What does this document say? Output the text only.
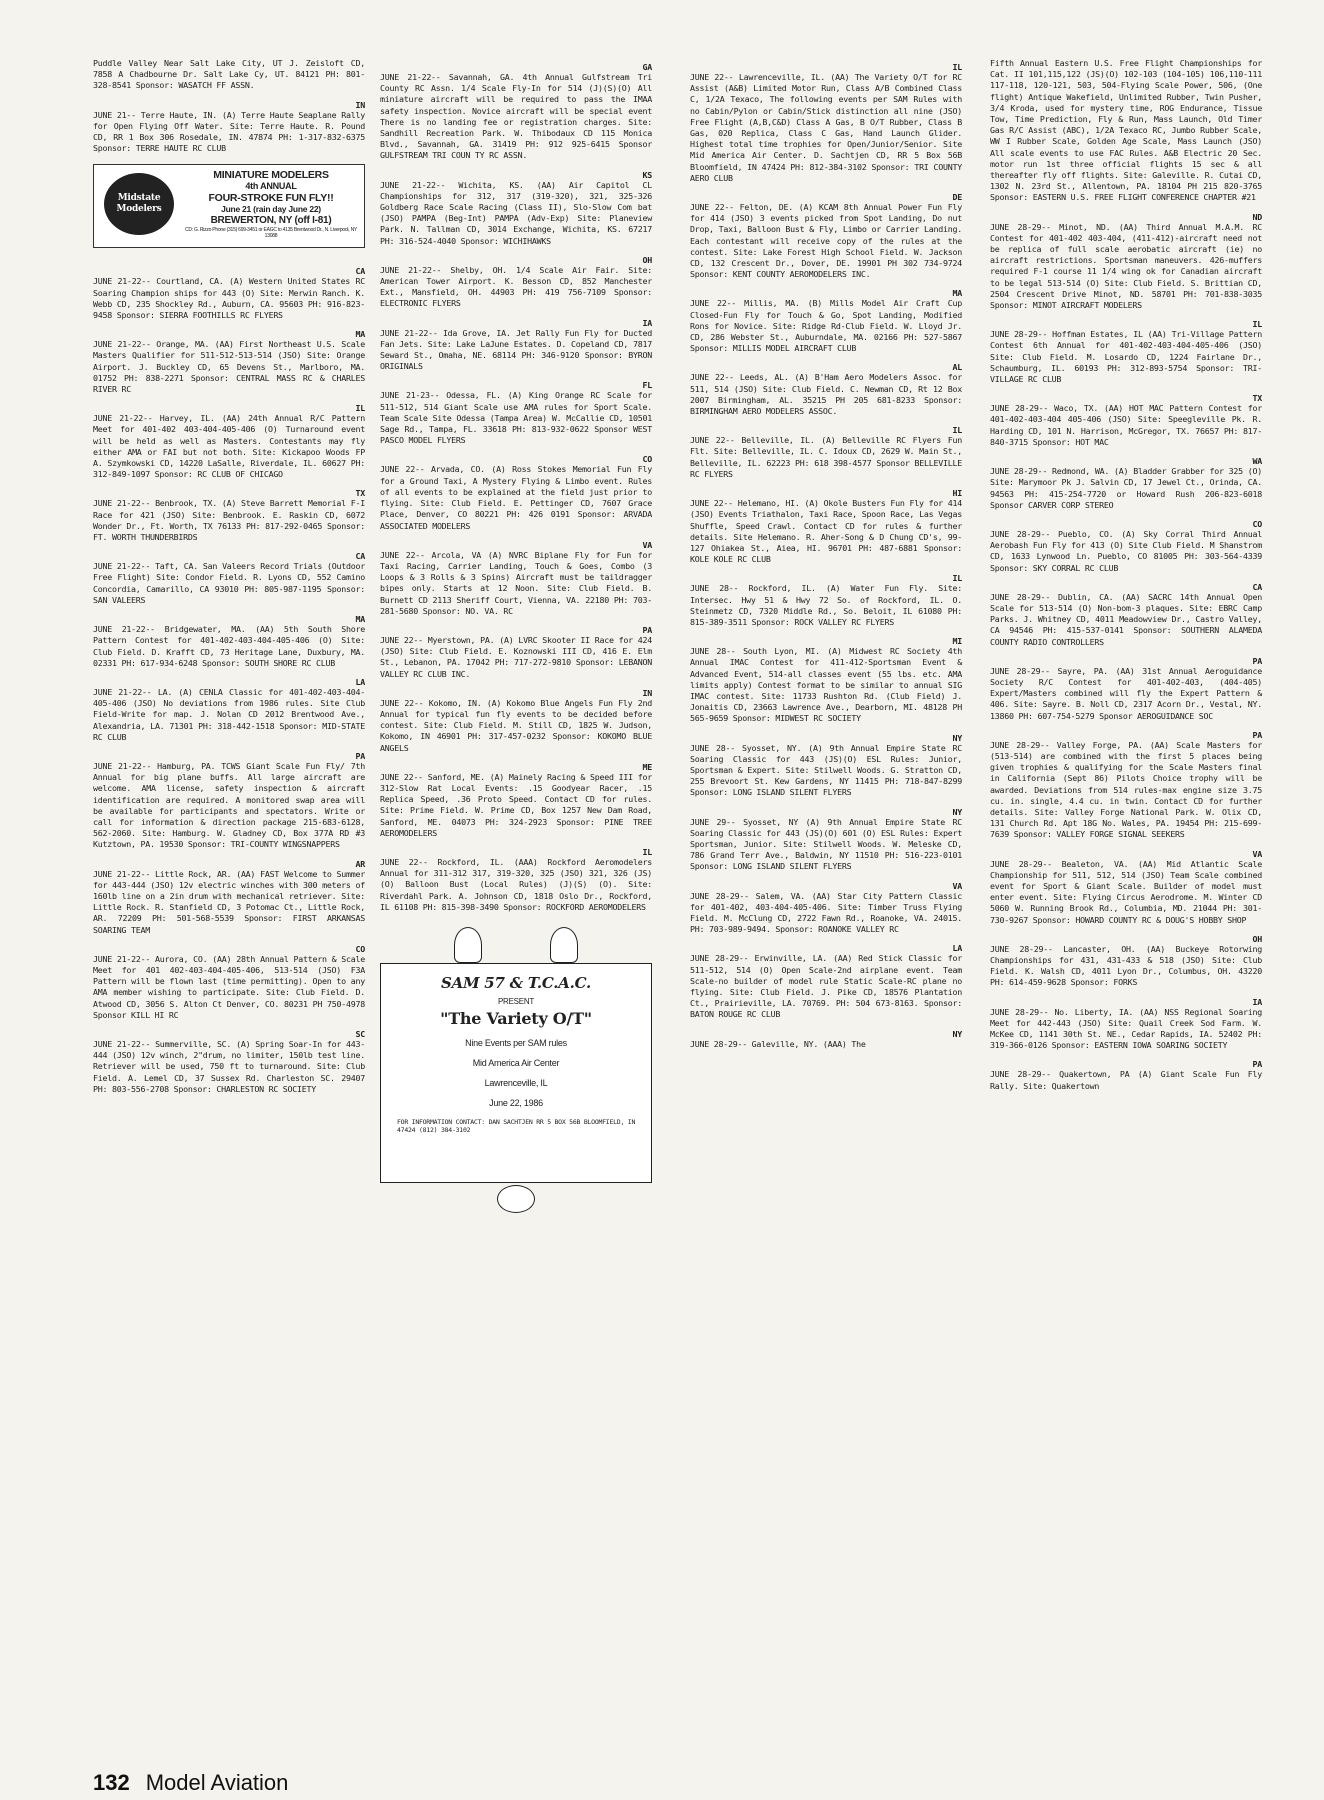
Puddle Valley Near Salt Lake City, UT J. Zeisloft CD, 7858 A Chadbourne Dr. Salt Lake Cy, UT. 84121 PH: 801-328-8541 Sponsor: WASATCH FF ASSN.
IN
JUNE 21-- Terre Haute, IN. (A) Terre Haute Seaplane Rally for Open Flying Off Water. Site: Terre Haute. R. Pound CD, RR 1 Box 306 Rosedale, IN. 47874 PH: 1-317-832-6375 Sponsor: TERRE HAUTE RC CLUB
Midstate Modelers
MINIATURE MODELERS
4th ANNUAL
FOUR-STROKE FUN FLY!!
June 21 (rain day June 22)
BREWERTON, NY (off I-81)
CD: G. Rizzo Phone (315) 699-3451 or EAGC to 4135 Brentwood Dr., N. Liverpool, NY 13088
CA
JUNE 21-22-- Courtland, CA. (A) Western United States RC Soaring Champion ships for 443 (O) Site: Merwin Ranch. K. Webb CD, 235 Shockley Rd., Auburn, CA. 95603 PH: 916-823-9458 Sponsor: SIERRA FOOTHILLS RC FLYERS
MA
JUNE 21-22-- Orange, MA. (AA) First Northeast U.S. Scale Masters Qualifier for 511-512-513-514 (JSO) Site: Orange Airport. J. Buckley CD, 65 Devens St., Marlboro, MA. 01752 PH: 838-2271 Sponsor: CENTRAL MASS RC & CHARLES RIVER RC
IL
JUNE 21-22-- Harvey, IL. (AA) 24th Annual R/C Pattern Meet for 401-402 403-404-405-406 (O) Turnaround event will be held as well as Masters. Contestants may fly either AMA or FAI but not both. Site: Kickapoo Woods FP A. Szymkowski CD, 14220 LaSalle, Riverdale, IL. 60627 PH: 312-849-1097 Sponsor: RC CLUB OF CHICAGO
TX
JUNE 21-22-- Benbrook, TX. (A) Steve Barrett Memorial F-I Race for 421 (JSO) Site: Benbrook. E. Raskin CD, 6072 Wonder Dr., Ft. Worth, TX 76133 PH: 817-292-0465 Sponsor: FT. WORTH THUNDERBIRDS
CA
JUNE 21-22-- Taft, CA. San Valeers Record Trials (Outdoor Free Flight) Site: Condor Field. R. Lyons CD, 552 Camino Concordia, Camarillo, CA 93010 PH: 805-987-1195 Sponsor: SAN VALEERS
MA
JUNE 21-22-- Bridgewater, MA. (AA) 5th South Shore Pattern Contest for 401-402-403-404-405-406 (O) Site: Club Field. D. Krafft CD, 73 Heritage Lane, Duxbury, MA. 02331 PH: 617-934-6248 Sponsor: SOUTH SHORE RC CLUB
LA
JUNE 21-22-- LA. (A) CENLA Classic for 401-402-403-404-405-406 (JSO) No deviations from 1986 rules. Site Club Field-Write for map. J. Nolan CD 2012 Brentwood Ave., Alexandria, LA. 71301 PH: 318-442-1518 Sponsor: MID-STATE RC CLUB
PA
JUNE 21-22-- Hamburg, PA. TCWS Giant Scale Fun Fly/ 7th Annual for big plane buffs. All large aircraft are welcome. AMA license, safety inspection & aircraft identification are required. A monitored swap area will be available for participants and spectators. Write or call for information & direction package 215-683-6128, 562-2060. Site: Hamburg. W. Gladney CD, Box 377A RD #3 Kutztown, PA. 19530 Sponsor: TRI-COUNTY WINGSNAPPERS
AR
JUNE 21-22-- Little Rock, AR. (AA) FAST Welcome to Summer for 443-444 (JSO) 12v electric winches with 300 meters of 160lb line on a 2in drum with mechanical retriever. Site: Little Rock. R. Stanfield CD, 3 Potomac Ct., Little Rock, AR. 72209 PH: 501-568-5539 Sponsor: FIRST ARKANSAS SOARING TEAM
CO
JUNE 21-22-- Aurora, CO. (AA) 28th Annual Pattern & Scale Meet for 401 402-403-404-405-406, 513-514 (JSO) F3A Pattern will be flown last (time permitting). Open to any AMA member wishing to participate. Site: Club Field. D. Atwood CD, 3056 S. Alton Ct Denver, CO. 80231 PH 750-4978 Sponsor KILL HI RC
SC
JUNE 21-22-- Summerville, SC. (A) Spring Soar-In for 443-444 (JSO) 12v winch, 2"drum, no limiter, 150lb test line. Retriever will be used, 750 ft to turnaround. Site: Club Field. A. Lemel CD, 37 Sussex Rd. Charleston SC. 29407 PH: 803-556-2708 Sponsor: CHARLESTON RC SOCIETY
GA
JUNE 21-22-- Savannah, GA. 4th Annual Gulfstream Tri County RC Assn. 1/4 Scale Fly-In for 514 (J)(S)(O) All miniature aircraft will be required to pass the IMAA safety inspection. Novice aircraft will be special event There is no landing fee or registration charges. Site: Sandhill Recreation Park. W. Thibodaux CD 115 Monica Blvd., Savannah, GA. 31419 PH: 912 925-6415 Sponsor GULFSTREAM TRI COUN TY RC ASSN.
KS
JUNE 21-22-- Wichita, KS. (AA) Air Capitol CL Championships for 312, 317 (319-320), 321, 325-326 Goldberg Race Scale Racing (Class II), Slo-Slow Com bat (JSO) PAMPA (Beg-Int) PAMPA (Adv-Exp) Site: Planeview Park. N. Tallman CD, 3014 Exchange, Wichita, KS. 67217 PH: 316-524-4040 Sponsor: WICHIHAWKS
OH
JUNE 21-22-- Shelby, OH. 1/4 Scale Air Fair. Site: American Tower Airport. K. Besson CD, 852 Manchester Ext., Mansfield, OH. 44903 PH: 419 756-7109 Sponsor: ELECTRONIC FLYERS
IA
JUNE 21-22-- Ida Grove, IA. Jet Rally Fun Fly for Ducted Fan Jets. Site: Lake LaJune Estates. D. Copeland CD, 7817 Seward St., Omaha, NE. 68114 PH: 346-9120 Sponsor: BYRON ORIGINALS
FL
JUNE 21-23-- Odessa, FL. (A) King Orange RC Scale for 511-512, 514 Giant Scale use AMA rules for Sport Scale. Team Scale Site Odessa (Tampa Area) W. McCallie CD, 10501 Sage Rd., Tampa, FL. 33618 PH: 813-932-0622 Sponsor WEST PASCO MODEL FLYERS
CO
JUNE 22-- Arvada, CO. (A) Ross Stokes Memorial Fun Fly for a Ground Taxi, A Mystery Flying & Limbo event. Rules of all events to be explained at the field just prior to flying. Site: Club Field. E. Pettinger CD, 7607 Grace Place, Denver, CO 80221 PH: 426 0191 Sponsor: ARVADA ASSOCIATED MODELERS
VA
JUNE 22-- Arcola, VA (A) NVRC Biplane Fly for Fun for Taxi Racing, Carrier Landing, Touch & Goes, Combo (3 Loops & 3 Rolls & 3 Spins) Aircraft must be taildragger bipes only. Starts at 12 Noon. Site: Club Field. B. Burnett CD 2113 Sheriff Court, Vienna, VA. 22180 PH: 703-281-5680 Sponsor: NO. VA. RC
PA
JUNE 22-- Myerstown, PA. (A) LVRC Skooter II Race for 424 (JSO) Site: Club Field. E. Koznowski III CD, 416 E. Elm St., Lebanon, PA. 17042 PH: 717-272-9810 Sponsor: LEBANON VALLEY RC CLUB INC.
IN
JUNE 22-- Kokomo, IN. (A) Kokomo Blue Angels Fun Fly 2nd Annual for typical fun fly events to be decided before contest. Site: Club Field. M. Still CD, 1825 W. Judson, Kokomo, IN 46901 PH: 317-457-0232 Sponsor: KOKOMO BLUE ANGELS
ME
JUNE 22-- Sanford, ME. (A) Mainely Racing & Speed III for 312-Slow Rat Local Events: .15 Goodyear Racer, .15 Replica Speed, .36 Proto Speed. Contact CD for rules. Site: Prime Field. W. Prime CD, Box 1257 New Dam Road, Sanford, ME. 04073 PH: 324-2923 Sponsor: PINE TREE AEROMODELERS
IL
JUNE 22-- Rockford, IL. (AAA) Rockford Aeromodelers Annual for 311-312 317, 319-320, 325 (JSO) 321, 326 (JS) (O) Balloon Bust (Local Rules) (J)(S) (O). Site: Riverdahl Park. A. Johnson CD, 1818 Oslo Dr., Rockford, IL 61108 PH: 815-398-3490 Sponsor: ROCKFORD AEROMODELERS
SAM 57 & T.C.A.C.
PRESENT
"The Variety O/T"
Nine Events per SAM rules
Mid America Air Center
Lawrenceville, IL
June 22, 1986
FOR INFORMATION CONTACT: DAN SACHTJEN RR 5 BOX 56B BLOOMFIELD, IN 47424 (812) 384-3102
IL
JUNE 22-- Lawrenceville, IL. (AA) The Variety O/T for RC Assist (A&B) Limited Motor Run, Class A/B Combined Class C, 1/2A Texaco, The following events per SAM Rules with no Cabin/Pylon or Cabin/Stick distinction all nine (JSO) Free Flight (A,B,C&D) Class A Gas, B O/T Rubber, Class B Gas, 020 Replica, Class C Gas, Hand Launch Glider. Highest total time trophies for Open/Junior/Senior. Site Mid America Air Center. D. Sachtjen CD, RR 5 Box 56B Bloomfield, IN 47424 PH: 812-384-3102 Sponsor: TRI COUNTY AERO CLUB
DE
JUNE 22-- Felton, DE. (A) KCAM 8th Annual Power Fun Fly for 414 (JSO) 3 events picked from Spot Landing, Do nut Drop, Taxi, Balloon Bust & Fly, Limbo or Carrier Landing. Each contestant will receive copy of the rules at the contest. Site: Lake Forest High School Field. W. Jackson CD, 132 Crescent Dr., Dover, DE. 19901 PH 302 734-9724 Sponsor: KENT COUNTY AEROMODELERS INC.
MA
JUNE 22-- Millis, MA. (B) Mills Model Air Craft Cup Closed-Fun Fly for Touch & Go, Spot Landing, Modified Rons for Novice. Site: Ridge Rd-Club Field. W. Lloyd Jr. CD, 286 Webster St., Auburndale, MA. 02166 PH: 527-5867 Sponsor: MILLIS MODEL AIRCRAFT CLUB
AL
JUNE 22-- Leeds, AL. (A) B'Ham Aero Modelers Assoc. for 511, 514 (JSO) Site: Club Field. C. Newman CD, Rt 12 Box 2007 Birmingham, AL. 35215 PH 205 681-8233 Sponsor: BIRMINGHAM AERO MODELERS ASSOC.
IL
JUNE 22-- Belleville, IL. (A) Belleville RC Flyers Fun Flt. Site: Belleville, IL. C. Idoux CD, 2629 W. Main St., Belleville, IL. 62223 PH: 618 398-4577 Sponsor BELLEVILLE RC FLYERS
HI
JUNE 22-- Helemano, HI. (A) Okole Busters Fun Fly for 414 (JSO) Events Triathalon, Taxi Race, Spoon Race, Las Vegas Shuffle, Speed Crawl. Contact CD for rules & further details. Site Helemano. R. Aher-Song & D Chung CD's, 99-127 Ohiakea St., Aiea, HI. 96701 PH: 487-6881 Sponsor: KOLE KOLE RC CLUB
IL
JUNE 28-- Rockford, IL. (A) Water Fun Fly. Site: Intersec. Hwy 51 & Hwy 72 So. of Rockford, IL. O. Steinmetz CD, 7320 Middle Rd., So. Beloit, IL 61080 PH: 815-389-3511 Sponsor: ROCK VALLEY RC FLYERS
MI
JUNE 28-- South Lyon, MI. (A) Midwest RC Society 4th Annual IMAC Contest for 411-412-Sportsman Event & Advanced Event, 514-all classes event (55 lbs. etc. AMA limits apply) Contest format to be similar to annual SIG IMAC contest. Site: 11733 Rushton Rd. (Club Field) J. Jonaitis CD, 23663 Lawrence Ave., Dearborn, MI. 48128 PH 565-9659 Sponsor: MIDWEST RC SOCIETY
NY
JUNE 28-- Syosset, NY. (A) 9th Annual Empire State RC Soaring Classic for 443 (JS)(O) ESL Rules: Junior, Sportsman & Expert. Site: Stilwell Woods. G. Stratton CD, 255 Brevoort St. Kew Gardens, NY 11415 PH: 718-847-8299 Sponsor: LONG ISLAND SILENT FLYERS
NY
JUNE 29-- Syosset, NY (A) 9th Annual Empire State RC Soaring Classic for 443 (JS)(O) 601 (O) ESL Rules: Expert Sportsman, Junior. Site: Stilwell Woods. W. Meleske CD, 786 Grand Terr Ave., Baldwin, NY 11510 PH: 516-223-0101 Sponsor: LONG ISLAND SILENT FLYERS
VA
JUNE 28-29-- Salem, VA. (AA) Star City Pattern Classic for 401-402, 403-404-405-406. Site: Timber Truss Flying Field. M. McClung CD, 2722 Fawn Rd., Roanoke, VA. 24015. PH: 703-989-9494. Sponsor: ROANOKE VALLEY RC
LA
JUNE 28-29-- Erwinville, LA. (AA) Red Stick Classic for 511-512, 514 (O) Open Scale-2nd airplane event. Team Scale-no builder of model rule Static Scale-RC plane no flying. Site: Club Field. J. Pike CD, 18576 Plantation Ct., Prairieville, LA. 70769. PH: 504 673-8163. Sponsor: BATON ROUGE RC CLUB
NY
JUNE 28-29-- Galeville, NY. (AAA) The
Fifth Annual Eastern U.S. Free Flight Championships for Cat. II 101,115,122 (JS)(O) 102-103 (104-105) 106,110-111 117-118, 120-121, 503, 504-Flying Scale Power, 506, (One flight) Antique Wakefield, Unlimited Rubber, Twin Pusher, 3/4 Kroda, used for mystery time, ROG Endurance, Tissue Tow, Time Prediction, Fly & Run, Mass Launch, Old Timer Gas R/C Assist (ABC), 1/2A Texaco RC, Jumbo Rubber Scale, WW I Rubber Scale, Golden Age Scale, Mass Launch (JSO) All scale events to use FAC Rules. A&B Electric 20 Sec. motor run 1st three official flights 15 sec & all thereafter fly off flights. Site: Galeville. R. Cutai CD, 1302 N. 23rd St., Allentown, PA. 18104 PH 215 820-3765 Sponsor: EASTERN U.S. FREE FLIGHT CONFERENCE CHAPTER #21
ND
JUNE 28-29-- Minot, ND. (AA) Third Annual M.A.M. RC Contest for 401-402 403-404, (411-412)-aircraft need not be replica of full scale aerobatic aircraft (ie) no aircraft restrictions. Sportsman maneuvers. 426-muffers required F-1 course 11 1/4 wing ok for Canadian aircraft to be legal 513-514 (O) Site: Club Field. S. Brittian CD, 2504 Crescent Drive Minot, ND. 58701 PH: 701-838-3035 Sponsor: MINOT AIRCRAFT MODELERS
IL
JUNE 28-29-- Hoffman Estates, IL (AA) Tri-Village Pattern Contest 6th Annual for 401-402-403-404-405-406 (JSO) Site: Club Field. M. Losardo CD, 1224 Fairlane Dr., Schaumburg, IL. 60193 PH: 312-893-5754 Sponsor: TRI-VILLAGE RC CLUB
TX
JUNE 28-29-- Waco, TX. (AA) HOT MAC Pattern Contest for 401-402-403-404 405-406 (JSO) Site: Speegleville Pk. R. Harding CD, 101 N. Harrison, McGregor, TX. 76657 PH: 817-840-3715 Sponsor: HOT MAC
WA
JUNE 28-29-- Redmond, WA. (A) Bladder Grabber for 325 (O) Site: Marymoor Pk J. Salvin CD, 17 Jewel Ct., Orinda, CA. 94563 PH: 415-254-7720 or Howard Rush 206-823-6018 Sponsor CARVER CORP STEREO
CO
JUNE 28-29-- Pueblo, CO. (A) Sky Corral Third Annual Aerobash Fun Fly for 413 (O) Site Club Field. M Shanstrom CD, 1633 Lynwood Ln. Pueblo, CO 81005 PH: 303-564-4339 Sponsor: SKY CORRAL RC CLUB
CA
JUNE 28-29-- Dublin, CA. (AA) SACRC 14th Annual Open Scale for 513-514 (O) Non-bom-3 plaques. Site: EBRC Camp Parks. J. Whitney CD, 4011 Meadowview Dr., Castro Valley, CA 94546 PH: 415-537-0141 Sponsor: SOUTHERN ALAMEDA COUNTY RADIO CONTROLLERS
PA
JUNE 28-29-- Sayre, PA. (AA) 31st Annual Aeroguidance Society R/C Contest for 401-402-403, (404-405) Expert/Masters combined will fly the Expert Pattern & 406. Site: Sayre. B. Noll CD, 2317 Acorn Dr., Vestal, NY. 13860 PH: 607-754-5279 Sponsor AEROGUIDANCE SOC
PA
JUNE 28-29-- Valley Forge, PA. (AA) Scale Masters for (513-514) are combined with the first 5 places being given trophies & qualifying for the Scale Masters final in California (Sept 86) Pilots Choice trophy will be awarded. Deviations from 514 rules-max engine size 3.75 cu. in. single, 4.4 cu. in twin. Contact CD for further details. Site: Valley Forge National Park. W. Olix CD, 131 Church Rd. Apt 18G No. Wales, PA. 19454 PH: 215-699-7639 Sponsor: VALLEY FORGE SIGNAL SEEKERS
VA
JUNE 28-29-- Bealeton, VA. (AA) Mid Atlantic Scale Championship for 511, 512, 514 (JSO) Team Scale combined event for Sport & Giant Scale. Builder of model must enter event. Site: Flying Circus Aerodrome. M. Winter CD 5060 W. Running Brook Rd., Columbia, MD. 21044 PH: 301-730-9267 Sponsor: HOWARD COUNTY RC & DOUG'S HOBBY SHOP
OH
JUNE 28-29-- Lancaster, OH. (AA) Buckeye Rotorwing Championships for 431, 431-433 & 518 (JSO) Site: Club Field. K. Walsh CD, 4011 Lyon Dr., Columbus, OH. 43220 PH: 614-459-9628 Sponsor: FORKS
IA
JUNE 28-29-- No. Liberty, IA. (AA) NSS Regional Soaring Meet for 442-443 (JSO) Site: Quail Creek Sod Farm. W. McKee CD, 1141 30th St. NE., Cedar Rapids, IA. 52402 PH: 319-366-0126 Sponsor: EASTERN IOWA SOARING SOCIETY
PA
JUNE 28-29-- Quakertown, PA (A) Giant Scale Fun Fly Rally. Site: Quakertown
132 Model Aviation
